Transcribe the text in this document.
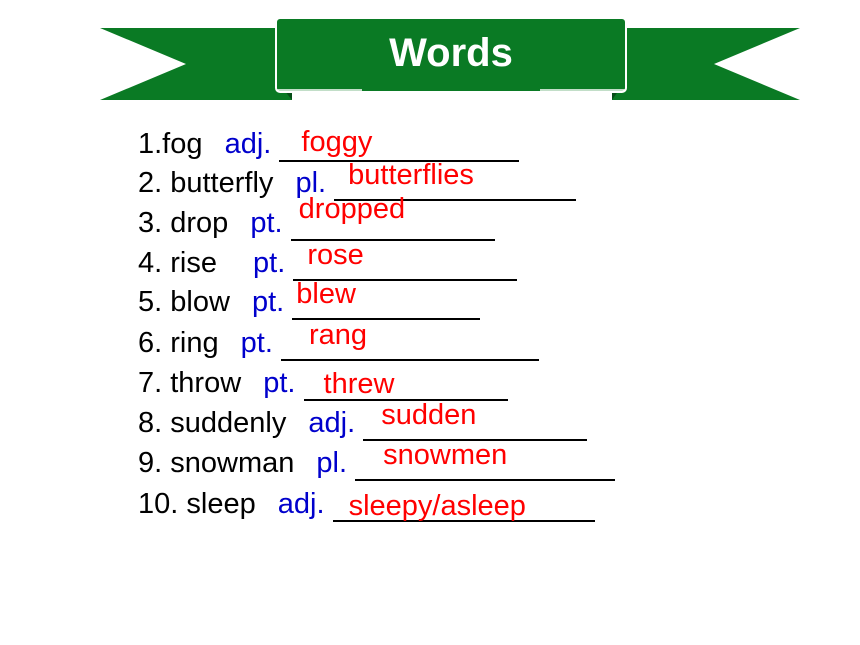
Words
1.fog adj. foggy
2. butterfly pl. butterflies
3. drop pt. dropped
4. rise pt. rose
5. blow pt. blew
6. ring pt. rang
7. throw pt. threw
8. suddenly adj. sudden
9. snowman pl. snowmen
10. sleep adj. sleepy/asleep
